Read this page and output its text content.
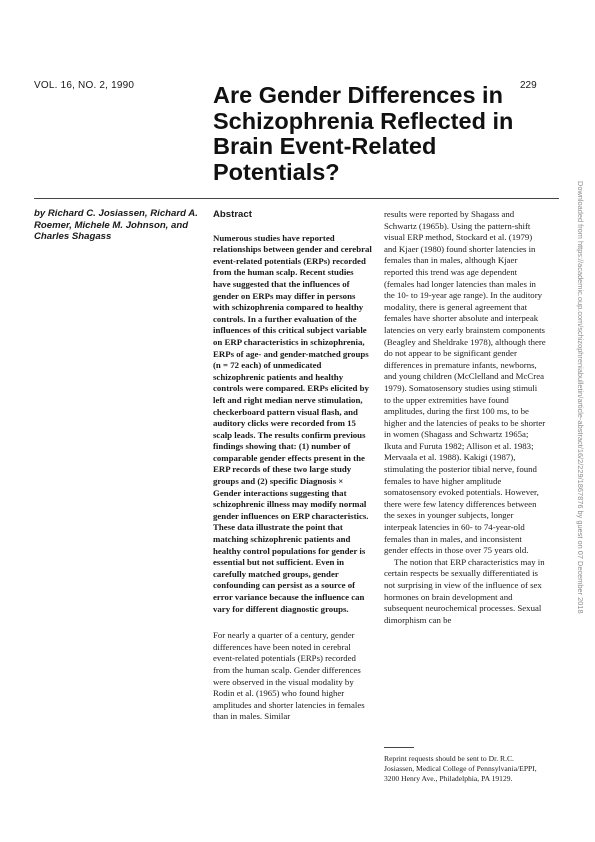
VOL. 16, NO. 2, 1990	229
Are Gender Differences in Schizophrenia Reflected in Brain Event-Related Potentials?

by Richard C. Josiassen, Richard A. Roemer, Michele M. Johnson, and Charles Shagass

Abstract

Numerous studies have reported relationships between gender and cerebral event-related potentials (ERPs) recorded from the human scalp. Recent studies have suggested that the influences of gender on ERPs may differ in persons with schizophrenia compared to healthy controls. In a further evaluation of the influences of this critical subject variable on ERP characteristics in schizophrenia, ERPs of age- and gender-matched groups (n = 72 each) of unmedicated schizophrenic patients and healthy controls were compared. ERPs elicited by left and right median nerve stimulation, checkerboard pattern visual flash, and auditory clicks were recorded from 15 scalp leads. The results confirm previous findings showing that: (1) number of comparable gender effects present in the ERP records of these two large study groups and (2) specific Diagnosis × Gender interactions suggesting that schizophrenic illness may modify normal gender influences on ERP characteristics. These data illustrate the point that matching schizophrenic patients and healthy control populations for gender is essential but not sufficient. Even in carefully matched groups, gender confounding can persist as a source of error variance because the influence can vary for different diagnostic groups.

For nearly a quarter of a century, gender differences have been noted in cerebral event-related potentials (ERPs) recorded from the human scalp. Gender differences were observed in the visual modality by Rodin et al. (1965) who found higher amplitudes and shorter latencies in females than in males. Similar

results were reported by Shagass and Schwartz (1965b). Using the pattern-shift visual ERP method, Stockard et al. (1979) and Kjaer (1980) found shorter latencies in females than in males, although Kjaer reported this trend was age dependent (females had longer latencies than males in the 10- to 19-year age range). In the auditory modality, there is general agreement that females have shorter absolute and interpeak latencies on very early brainstem components (Beagley and Sheldrake 1978), although there do not appear to be significant gender differences in premature infants, newborns, and young children (McClelland and McCrea 1979). Somatosensory studies using stimuli to the upper extremities have found amplitudes, during the first 100 ms, to be higher and the latencies of peaks to be shorter in women (Shagass and Schwartz 1965a; Ikuta and Furuta 1982; Allison et al. 1983; Mervaala et al. 1988). Kakigi (1987), stimulating the posterior tibial nerve, found females to have higher amplitude somatosensory evoked potentials. However, there were few latency differences between the sexes in younger subjects, longer interpeak latencies in 60- to 74-year-old females than in males, and inconsistent gender effects in those over 75 years old.

The notion that ERP characteristics may in certain respects be sexually differentiated is not surprising in view of the influence of sex hormones on brain development and subsequent neurochemical processes. Sexual dimorphism can be

Reprint requests should be sent to Dr. R.C. Josiassen, Medical College of Pennsylvania/EPPI, 3200 Henry Ave., Philadelphia, PA 19129.

Downloaded from https://academic.oup.com/schizophreniabulletin/article-abstract/16/2/229/1867876 by guest on 07 December 2018
